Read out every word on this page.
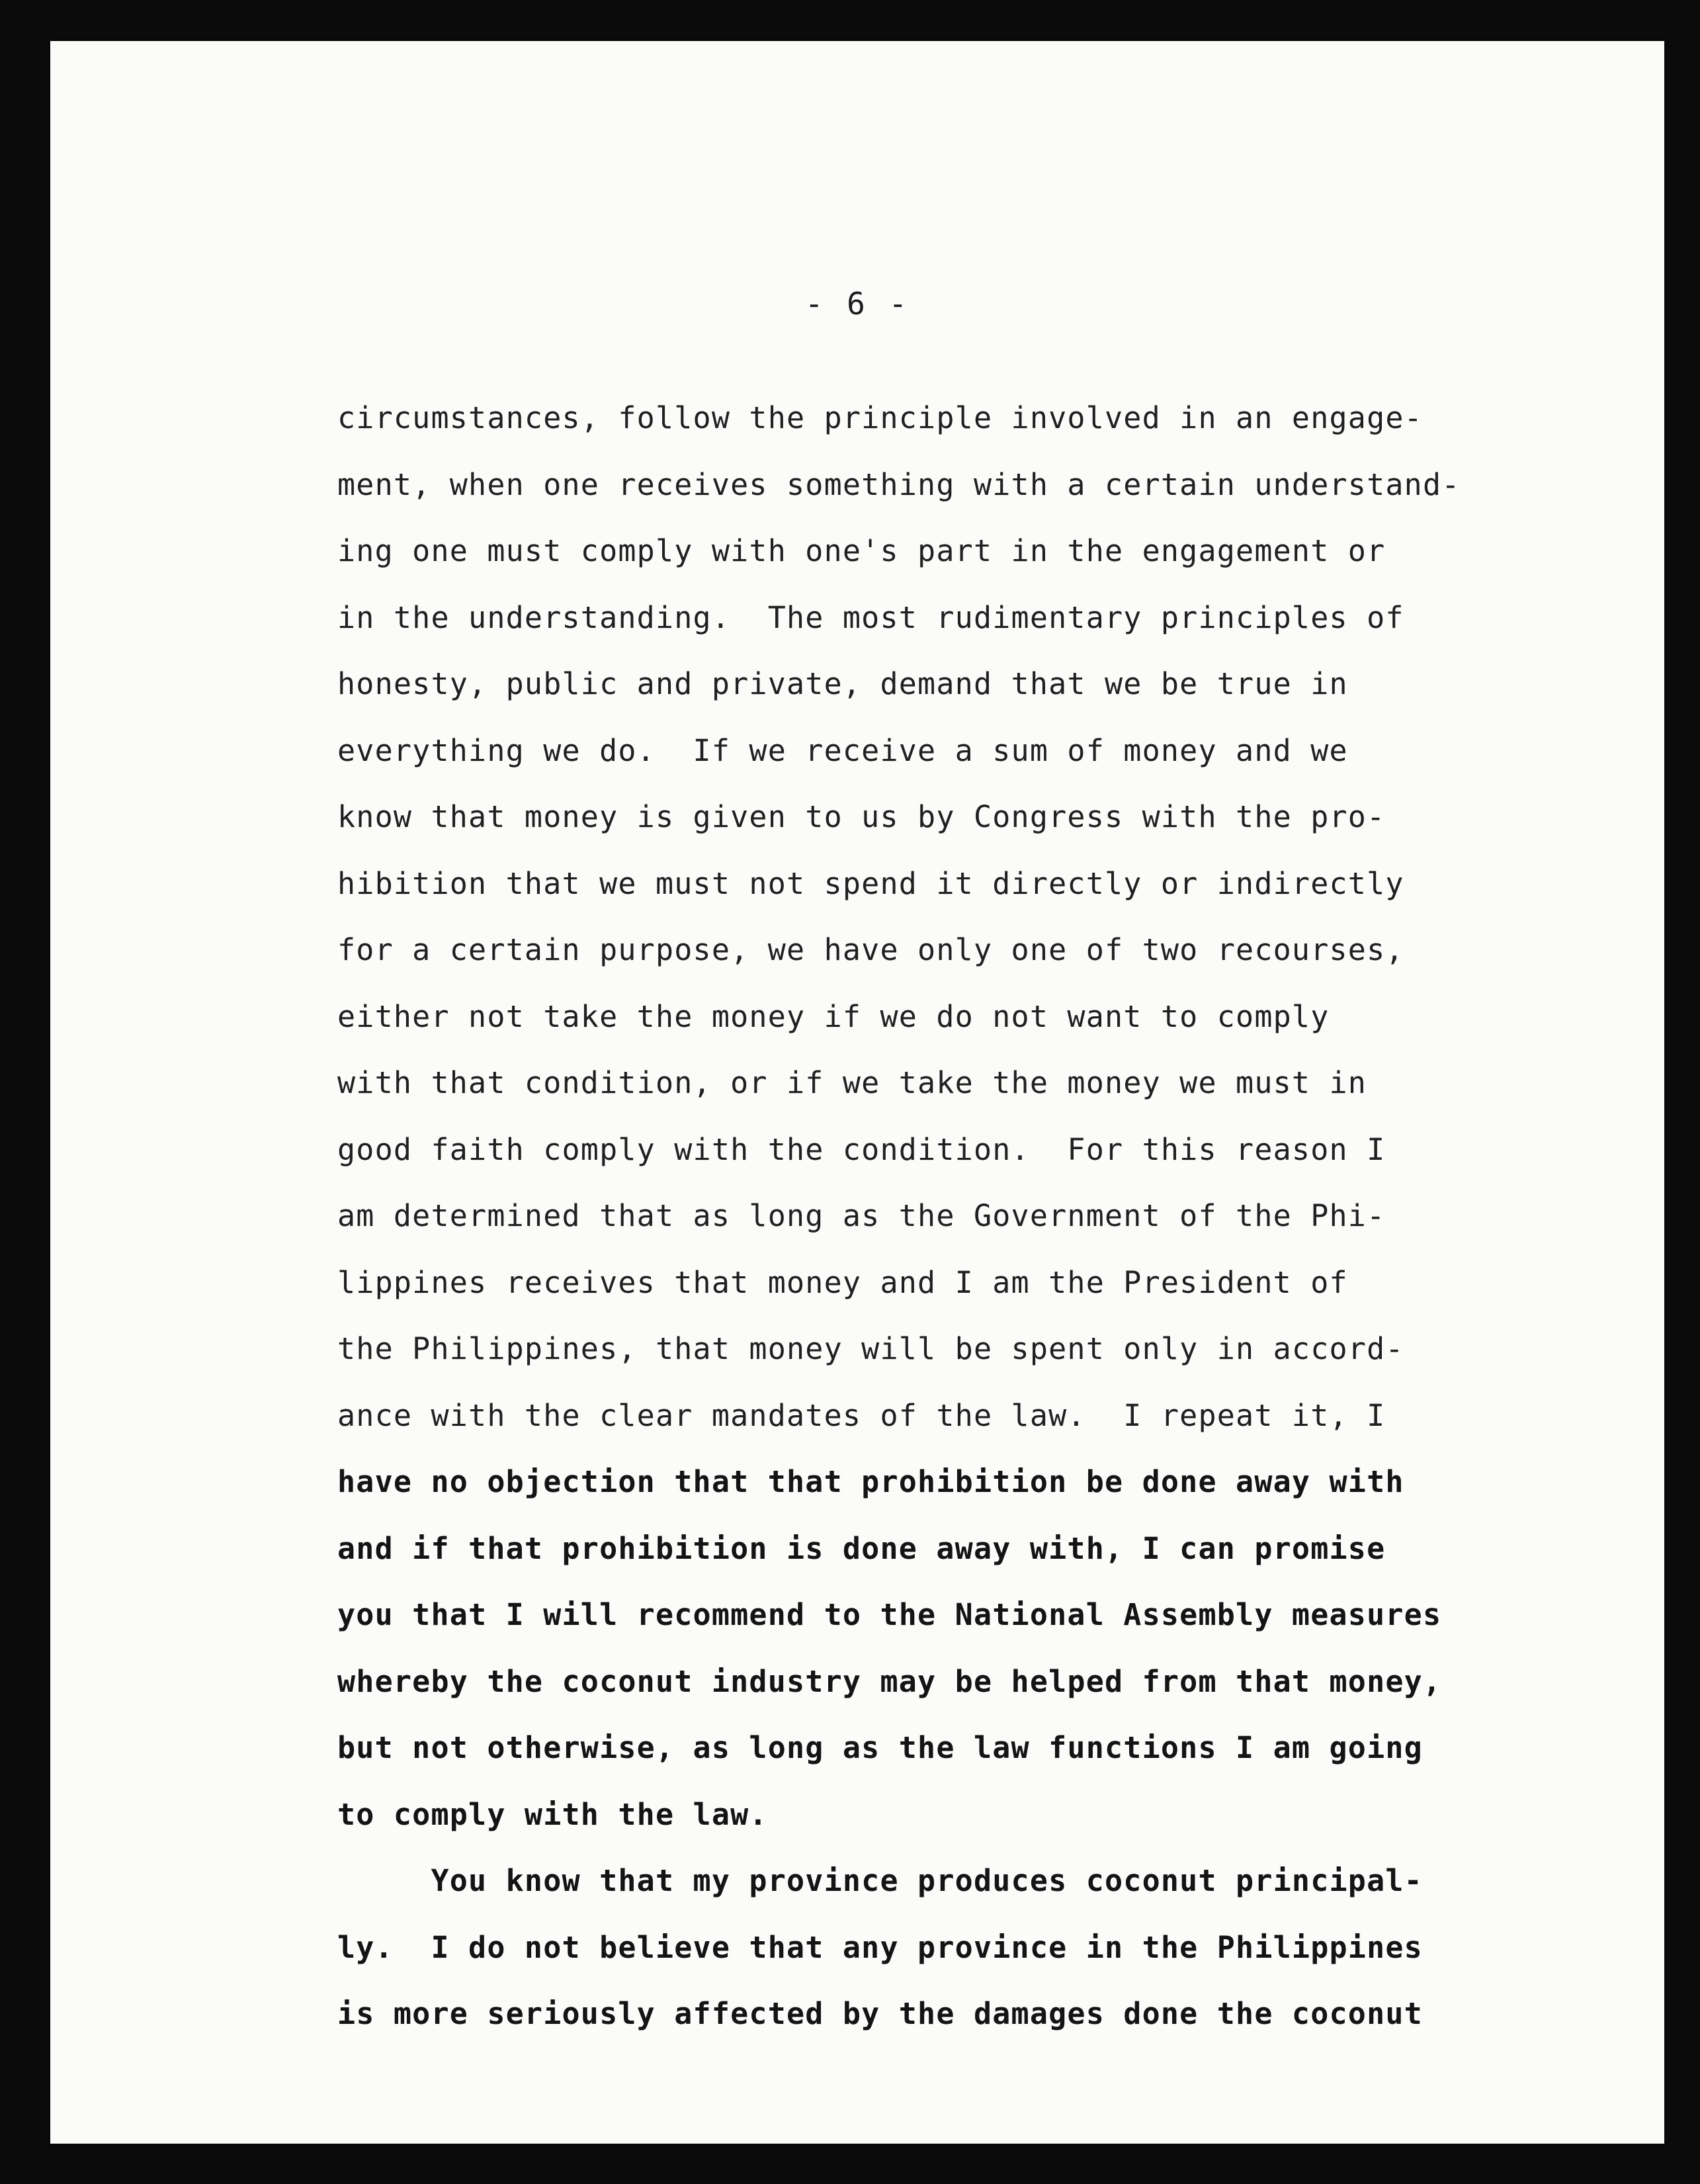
- 6 -
circumstances, follow the principle involved in an engage-
ment, when one receives something with a certain understand-
ing one must comply with one's part in the engagement or
in the understanding.  The most rudimentary principles of
honesty, public and private, demand that we be true in
everything we do.  If we receive a sum of money and we
know that money is given to us by Congress with the pro-
hibition that we must not spend it directly or indirectly
for a certain purpose, we have only one of two recourses,
either not take the money if we do not want to comply
with that condition, or if we take the money we must in
good faith comply with the condition.  For this reason I
am determined that as long as the Government of the Phi-
lippines receives that money and I am the President of
the Philippines, that money will be spent only in accord-
ance with the clear mandates of the law.  I repeat it, I
have no objection that that prohibition be done away with
and if that prohibition is done away with, I can promise
you that I will recommend to the National Assembly measures
whereby the coconut industry may be helped from that money,
but not otherwise, as long as the law functions I am going
to comply with the law.
You know that my province produces coconut principal-
ly.  I do not believe that any province in the Philippines
is more seriously affected by the damages done the coconut
